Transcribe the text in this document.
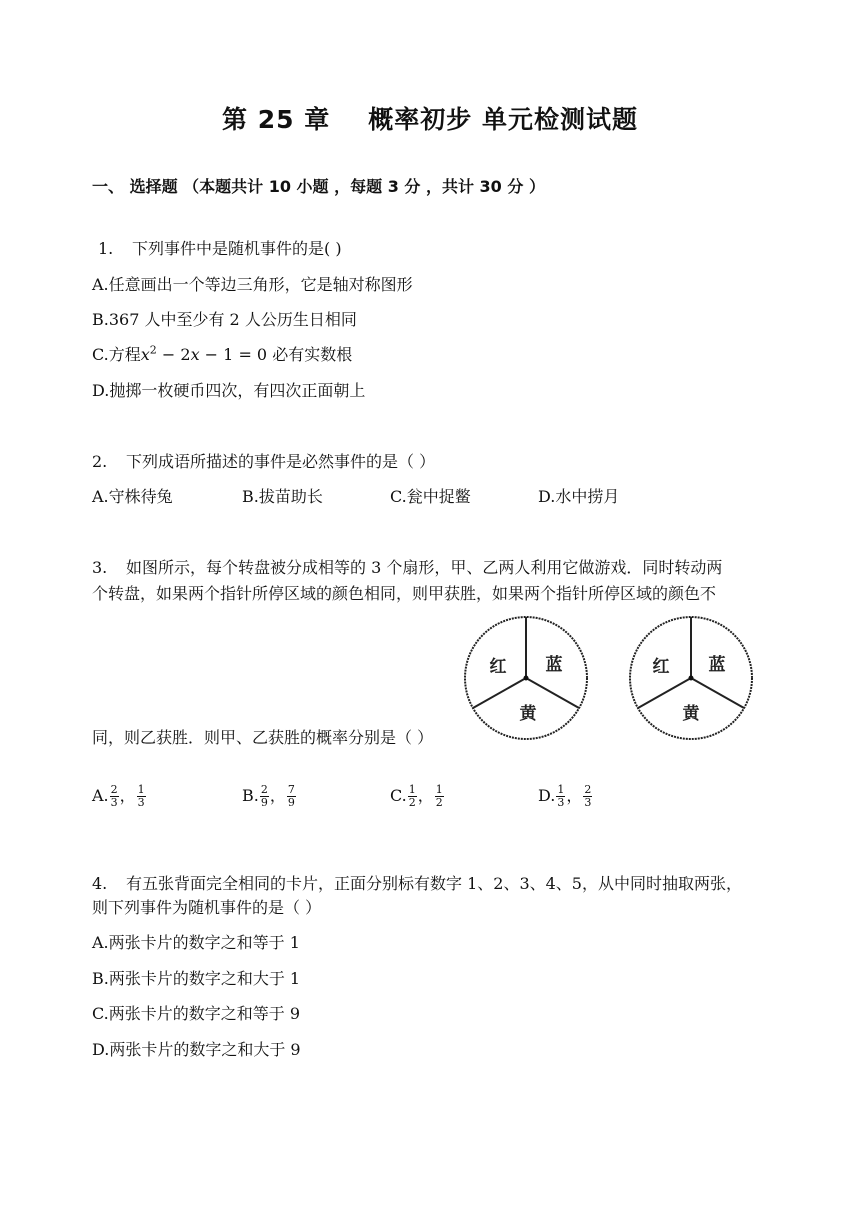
第 25 章 概率初步 单元检测试题
一、 选择题 （本题共计 10 小题 ，每题 3 分 ，共计 30 分 ）
1. 下列事件中是随机事件的是( )
A.任意画出一个等边三角形，它是轴对称图形
B.367 人中至少有 2 人公历生日相同
C.方程$x^2 - 2x - 1 = 0$ 必有实数根
D.抛掷一枚硬币四次，有四次正面朝上
2. 下列成语所描述的事件是必然事件的是（ ）
A.守株待兔	B.拔苗助长	C.瓮中捉鳖	D.水中捞月
3. 如图所示，每个转盘被分成相等的 3 个扇形，甲、乙两人利用它做游戏．同时转动两
个转盘，如果两个指针所停区域的颜色相同，则甲获胜，如果两个指针所停区域的颜色不
红 蓝
黄
红 蓝
黄
同，则乙获胜．则甲、乙获胜的概率分别是（ ）
A. $\frac{2}{3}$ ， $\frac{1}{3}$	B. $\frac{2}{9}$ ， $\frac{7}{9}$	C. $\frac{1}{2}$ ， $\frac{1}{2}$	D. $\frac{1}{3}$ ， $\frac{2}{3}$
4. 有五张背面完全相同的卡片，正面分别标有数字 1、2、3、4、5，从中同时抽取两张，
则下列事件为随机事件的是（ ）
A.两张卡片的数字之和等于 1
B.两张卡片的数字之和大于 1
C.两张卡片的数字之和等于 9
D.两张卡片的数字之和大于 9
